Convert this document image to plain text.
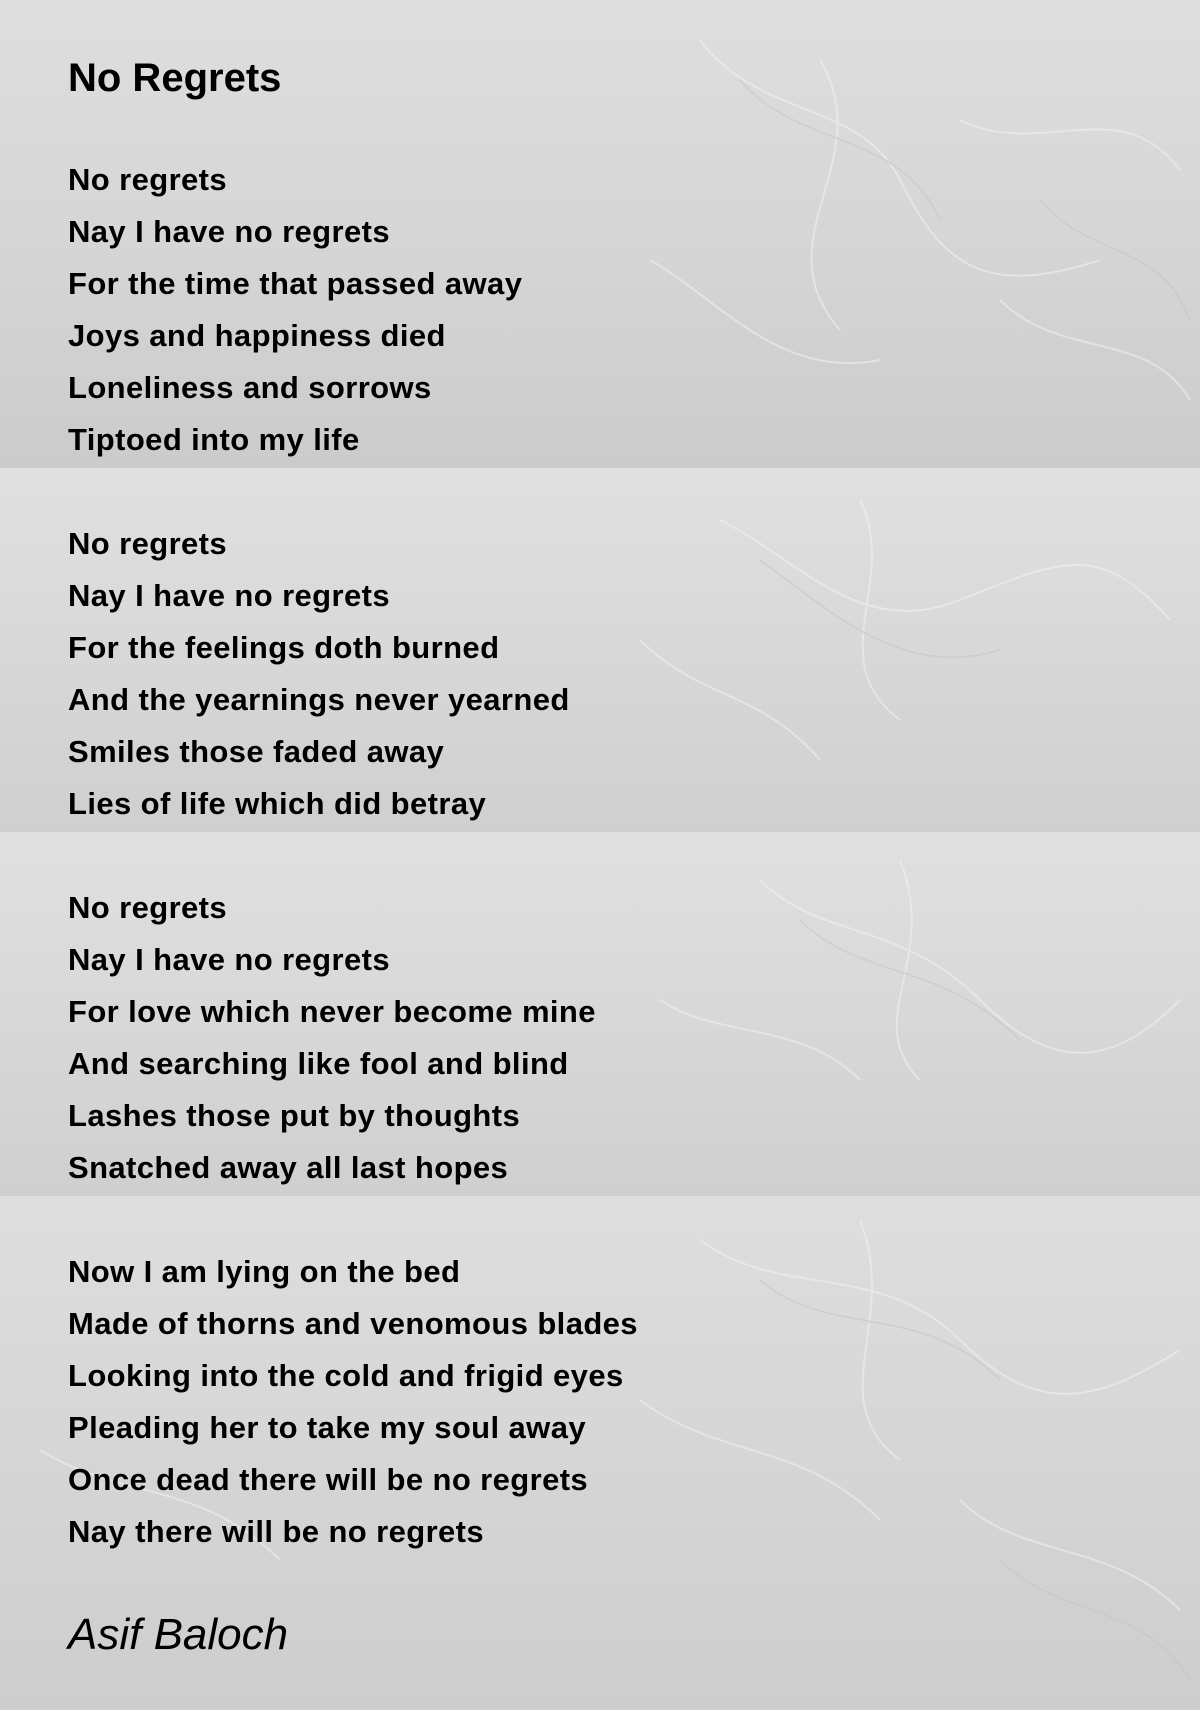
No Regrets
No regrets
Nay I have no regrets
For the time that passed away
Joys and happiness died
Loneliness and sorrows
Tiptoed into my life
No regrets
Nay I have no regrets
For the feelings doth burned
And the yearnings never yearned
Smiles those faded away
Lies of life which did betray
No regrets
Nay I have no regrets
For love which never become mine
And searching like fool and blind
Lashes those put by thoughts
Snatched away all last hopes
Now I am lying on the bed
Made of thorns and venomous blades
Looking into the cold and frigid eyes
Pleading her to take my soul away
Once dead there will be no regrets
Nay there will be no regrets
Asif Baloch
